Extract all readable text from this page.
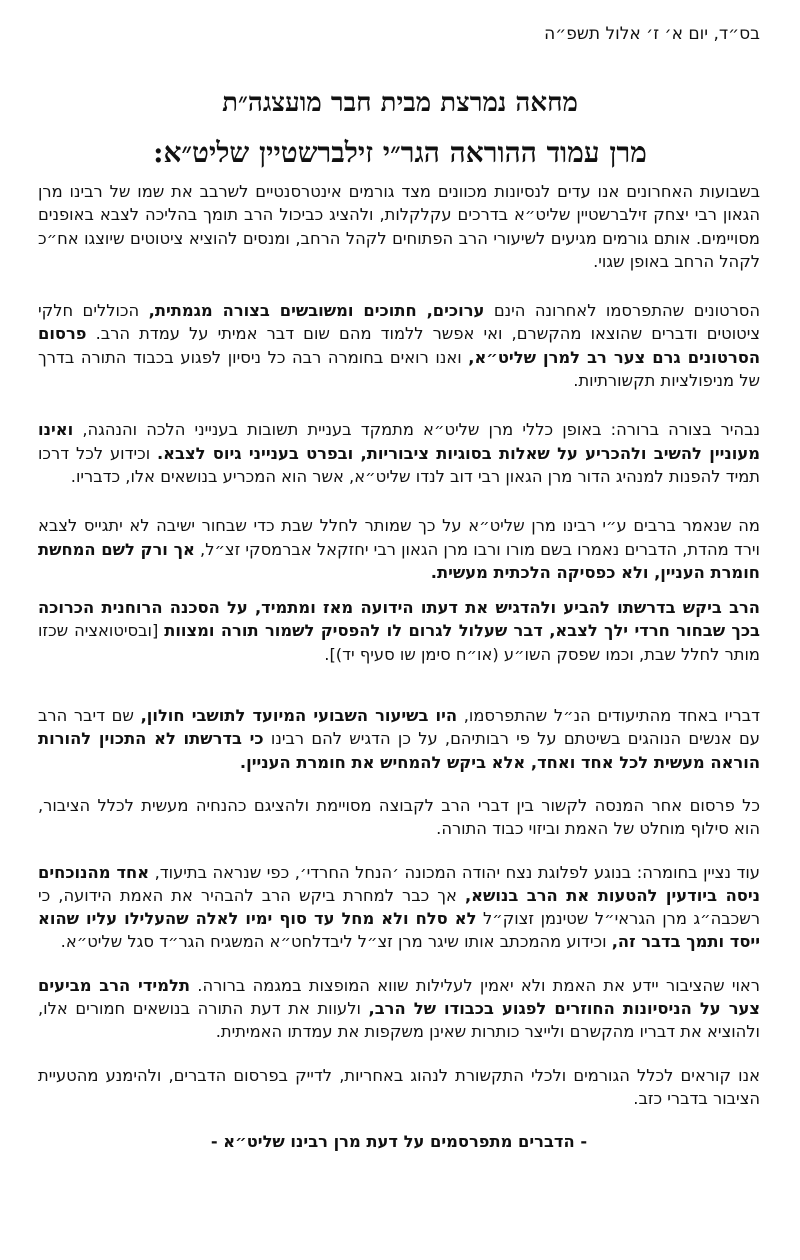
בס״ד, יום א׳ ז׳ אלול תשפ״ה
מחאה נמרצת מבית חבר מועצגה״ת
מרן עמוד ההוראה הגר״י זילברשטיין שליט״א:

בשבועות האחרונים אנו עדים לנסיונות מכוונים מצד גורמים אינטרסנטיים לשרבב את שמו של רבינו מרן הגאון רבי יצחק זילברשטיין שליט״א בדרכים עקלקלות, ולהציג כביכול הרב תומך בהליכה לצבא באופנים מסויימים. אותם גורמים מגיעים לשיעורי הרב הפתוחים לקהל הרחב, ומנסים להוציא ציטוטים שיוצגו אח״כ לקהל הרחב באופן שגוי.

הסרטונים שהתפרסמו לאחרונה הינם ערוכים, חתוכים ומשובשים בצורה מגמתית, הכוללים חלקי ציטוטים ודברים שהוצאו מהקשרם, ואי אפשר ללמוד מהם שום דבר אמיתי על עמדת הרב. פרסום הסרטונים גרם צער רב למרן שליט״א, ואנו רואים בחומרה רבה כל ניסיון לפגוע בכבוד התורה בדרך של מניפולציות תקשורתיות.

נבהיר בצורה ברורה: באופן כללי מרן שליט״א מתמקד בעניית תשובות בענייני הלכה והנהגה, ואינו מעוניין להשיב ולהכריע על שאלות בסוגיות ציבוריות, ובפרט בענייני גיוס לצבא. וכידוע לכל דרכו תמיד להפנות למנהיג הדור מרן הגאון רבי דוב לנדו שליט״א, אשר הוא המכריע בנושאים אלו, כדבריו.

מה שנאמר ברבים ע״י רבינו מרן שליט״א על כך שמותר לחלל שבת כדי שבחור ישיבה לא יתגייס לצבא וירד מהדת, הדברים נאמרו בשם מורו ורבו מרן הגאון רבי יחזקאל אברמסקי זצ״ל, אך ורק לשם המחשת חומרת העניין, ולא כפסיקה הלכתית מעשית.

הרב ביקש בדרשתו להביע ולהדגיש את דעתו הידועה מאז ומתמיד, על הסכנה הרוחנית הכרוכה בכך שבחור חרדי ילך לצבא, דבר שעלול לגרום לו להפסיק לשמור תורה ומצוות [ובסיטואציה שכזו מותר לחלל שבת, וכמו שפסק השו״ע (או״ח סימן שו סעיף יד)].

דבריו באחד מהתיעודים הנ״ל שהתפרסמו, היו בשיעור השבועי המיועד לתושבי חולון, שם דיבר הרב עם אנשים הנוהגים בשיטתם על פי רבותיהם, על כן הדגיש להם רבינו כי בדרשתו לא התכוין להורות הוראה מעשית לכל אחד ואחד, אלא ביקש להמחיש את חומרת העניין.

כל פרסום אחר המנסה לקשור בין דברי הרב לקבוצה מסויימת ולהציגם כהנחיה מעשית לכלל הציבור, הוא סילוף מוחלט של האמת וביזוי כבוד התורה.

עוד נציין בחומרה: בנוגע לפלוגת נצח יהודה המכונה ׳הנחל החרדי׳, כפי שנראה בתיעוד, אחד מהנוכחים ניסה ביודעין להטעות את הרב בנושא, אך כבר למחרת ביקש הרב להבהיר את האמת הידועה, כי רשכבה״ג מרן הגראי״ל שטינמן זצוק״ל לא סלח ולא מחל עד סוף ימיו לאלה שהעלילו עליו שהוא ייסד ותמך בדבר זה, וכידוע מהמכתב אותו שיגר מרן זצ״ל ליבדלחט״א המשגיח הגר״ד סגל שליט״א.

ראוי שהציבור יידע את האמת ולא יאמין לעלילות שווא המופצות במגמה ברורה. תלמידי הרב מביעים צער על הניסיונות החוזרים לפגוע בכבודו של הרב, ולעוות את דעת התורה בנושאים חמורים אלו, ולהוציא את דבריו מהקשרם ולייצר כותרות שאינן משקפות את עמדתו האמיתית.

אנו קוראים לכלל הגורמים ולכלי התקשורת לנהוג באחריות, לדייק בפרסום הדברים, ולהימנע מהטעיית הציבור בדברי כזב.

- הדברים מתפרסמים על דעת מרן רבינו שליט״א -
